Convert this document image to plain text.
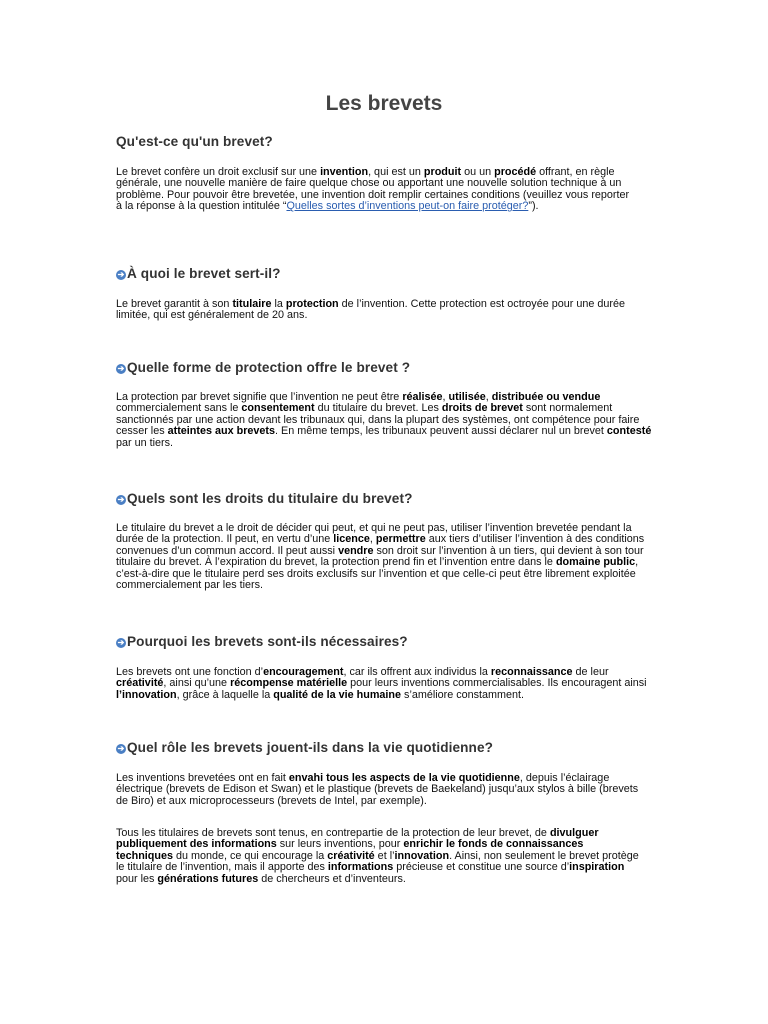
Les brevets
Qu'est-ce qu'un brevet?
Le brevet confère un droit exclusif sur une invention, qui est un produit ou un procédé offrant, en règle générale, une nouvelle manière de faire quelque chose ou apportant une nouvelle solution technique à un problème. Pour pouvoir être brevetée, une invention doit remplir certaines conditions (veuillez vous reporter à la réponse à la question intitulée “Quelles sortes d’inventions peut-on faire protéger?”).
➔ À quoi le brevet sert-il?
Le brevet garantit à son titulaire la protection de l’invention. Cette protection est octroyée pour une durée limitée, qui est généralement de 20 ans.
➔ Quelle forme de protection offre le brevet ?
La protection par brevet signifie que l’invention ne peut être réalisée, utilisée, distribuée ou vendue commercialement sans le consentement du titulaire du brevet. Les droits de brevet sont normalement sanctionnés par une action devant les tribunaux qui, dans la plupart des systèmes, ont compétence pour faire cesser les atteintes aux brevets. En même temps, les tribunaux peuvent aussi déclarer nul un brevet contesté par un tiers.
➔ Quels sont les droits du titulaire du brevet?
Le titulaire du brevet a le droit de décider qui peut, et qui ne peut pas, utiliser l’invention brevetée pendant la durée de la protection. Il peut, en vertu d’une licence, permettre aux tiers d’utiliser l’invention à des conditions convenues d’un commun accord. Il peut aussi vendre son droit sur l’invention à un tiers, qui devient à son tour titulaire du brevet. À l’expiration du brevet, la protection prend fin et l’invention entre dans le domaine public, c’est-à-dire que le titulaire perd ses droits exclusifs sur l’invention et que celle-ci peut être librement exploitée commercialement par les tiers.
➔ Pourquoi les brevets sont-ils nécessaires?
Les brevets ont une fonction d’encouragement, car ils offrent aux individus la reconnaissance de leur créativité, ainsi qu’une récompense matérielle pour leurs inventions commercialisables. Ils encouragent ainsi l’innovation, grâce à laquelle la qualité de la vie humaine s’améliore constamment.
➔ Quel rôle les brevets jouent-ils dans la vie quotidienne?
Les inventions brevetées ont en fait envahi tous les aspects de la vie quotidienne, depuis l’éclairage électrique (brevets de Edison et Swan) et le plastique (brevets de Baekeland) jusqu’aux stylos à bille (brevets de Biro) et aux microprocesseurs (brevets de Intel, par exemple).
Tous les titulaires de brevets sont tenus, en contrepartie de la protection de leur brevet, de divulguer publiquement des informations sur leurs inventions, pour enrichir le fonds de connaissances techniques du monde, ce qui encourage la créativité et l’innovation. Ainsi, non seulement le brevet protège le titulaire de l’invention, mais il apporte des informations précieuse et constitue une source d’inspiration pour les générations futures de chercheurs et d’inventeurs.
